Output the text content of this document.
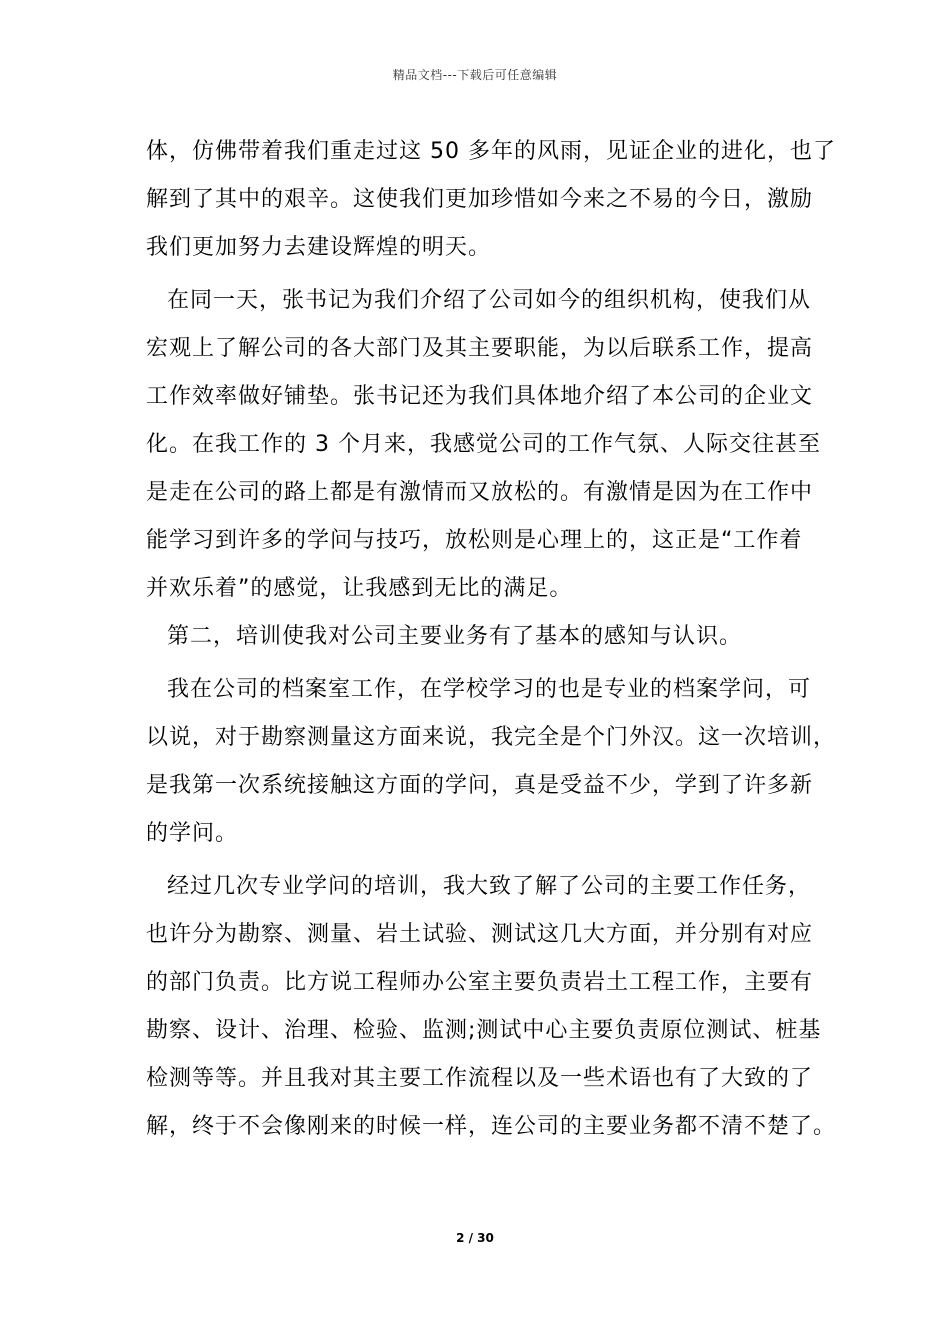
精品文档---下载后可任意编辑
体，仿佛带着我们重走过这 50 多年的风雨，见证企业的进化，也了
解到了其中的艰辛。这使我们更加珍惜如今来之不易的今日，激励
我们更加努力去建设辉煌的明天。
在同一天，张书记为我们介绍了公司如今的组织机构，使我们从
宏观上了解公司的各大部门及其主要职能，为以后联系工作，提高
工作效率做好铺垫。张书记还为我们具体地介绍了本公司的企业文
化。在我工作的 3 个月来，我感觉公司的工作气氛、人际交往甚至
是走在公司的路上都是有激情而又放松的。有激情是因为在工作中
能学习到许多的学问与技巧，放松则是心理上的，这正是“工作着
并欢乐着”的感觉，让我感到无比的满足。
第二，培训使我对公司主要业务有了基本的感知与认识。
我在公司的档案室工作，在学校学习的也是专业的档案学问，可
以说，对于勘察测量这方面来说，我完全是个门外汉。这一次培训，
是我第一次系统接触这方面的学问，真是受益不少，学到了许多新
的学问。
经过几次专业学问的培训，我大致了解了公司的主要工作任务，
也许分为勘察、测量、岩土试验、测试这几大方面，并分别有对应
的部门负责。比方说工程师办公室主要负责岩土工程工作，主要有
勘察、设计、治理、检验、监测;测试中心主要负责原位测试、桩基
检测等等。并且我对其主要工作流程以及一些术语也有了大致的了
解，终于不会像刚来的时候一样，连公司的主要业务都不清不楚了。
2 / 30
